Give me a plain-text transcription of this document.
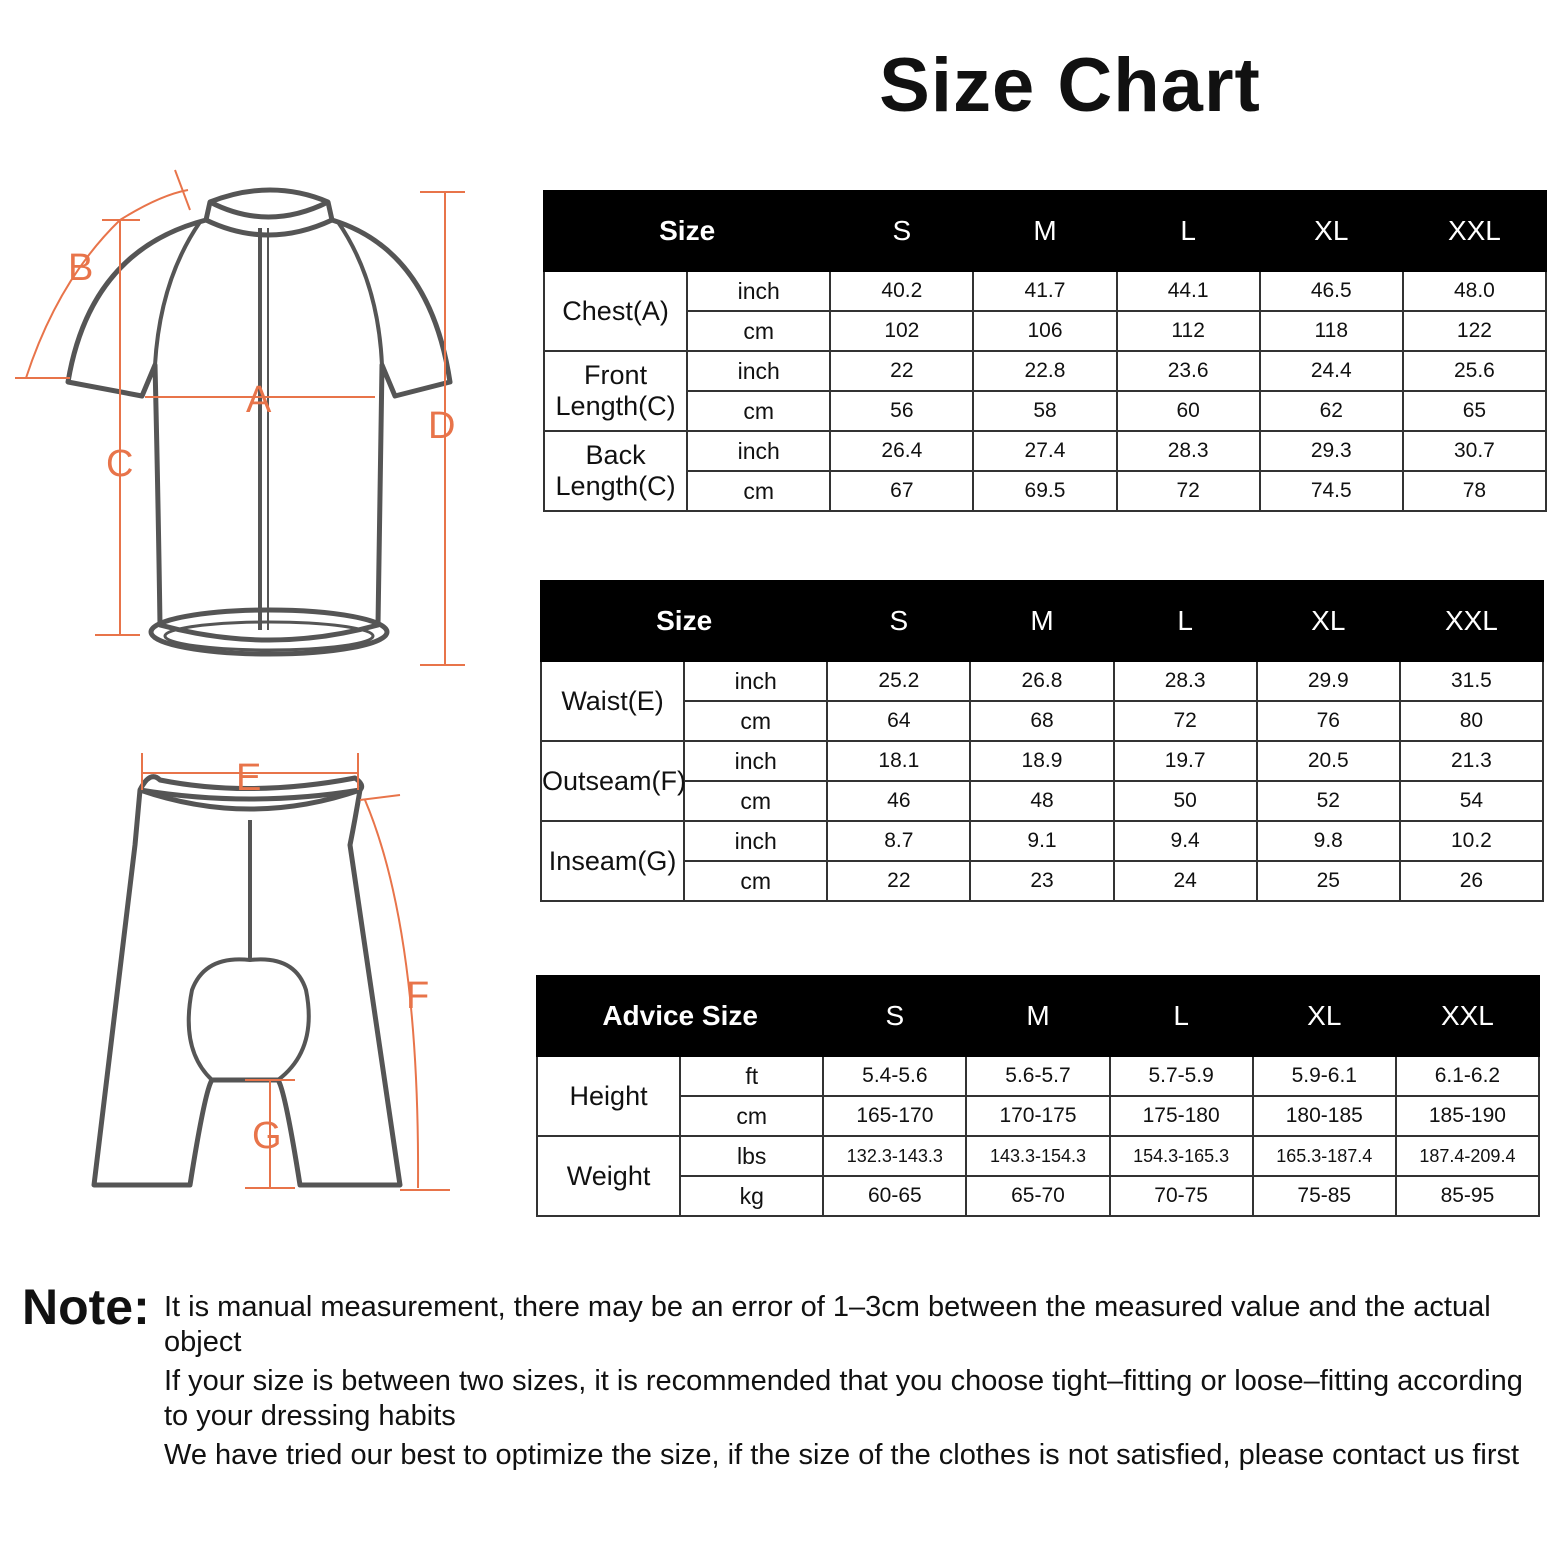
Size Chart
B
C
A
D
E
F
G
Size		S	M	L	XL	XXL
Chest(A)	inch	40.2	41.7	44.1	46.5	48.0
	cm	102	106	112	118	122
Front Length(C)	inch	22	22.8	23.6	24.4	25.6
	cm	56	58	60	62	65
Back Length(C)	inch	26.4	27.4	28.3	29.3	30.7
	cm	67	69.5	72	74.5	78
Size		S	M	L	XL	XXL
Waist(E)	inch	25.2	26.8	28.3	29.9	31.5
	cm	64	68	72	76	80
Outseam(F)	inch	18.1	18.9	19.7	20.5	21.3
	cm	46	48	50	52	54
Inseam(G)	inch	8.7	9.1	9.4	9.8	10.2
	cm	22	23	24	25	26
Advice Size		S	M	L	XL	XXL
Height	ft	5.4-5.6	5.6-5.7	5.7-5.9	5.9-6.1	6.1-6.2
	cm	165-170	170-175	175-180	180-185	185-190
Weight	lbs	132.3-143.3	143.3-154.3	154.3-165.3	165.3-187.4	187.4-209.4
	kg	60-65	65-70	70-75	75-85	85-95
Note: It is manual measurement, there may be an error of 1–3cm between the measured value and the actual object

If your size is between two sizes, it is recommended that you choose tight–fitting or loose–fitting according to your dressing habits

We have tried our best to optimize the size, if the size of the clothes is not satisfied, please contact us first
